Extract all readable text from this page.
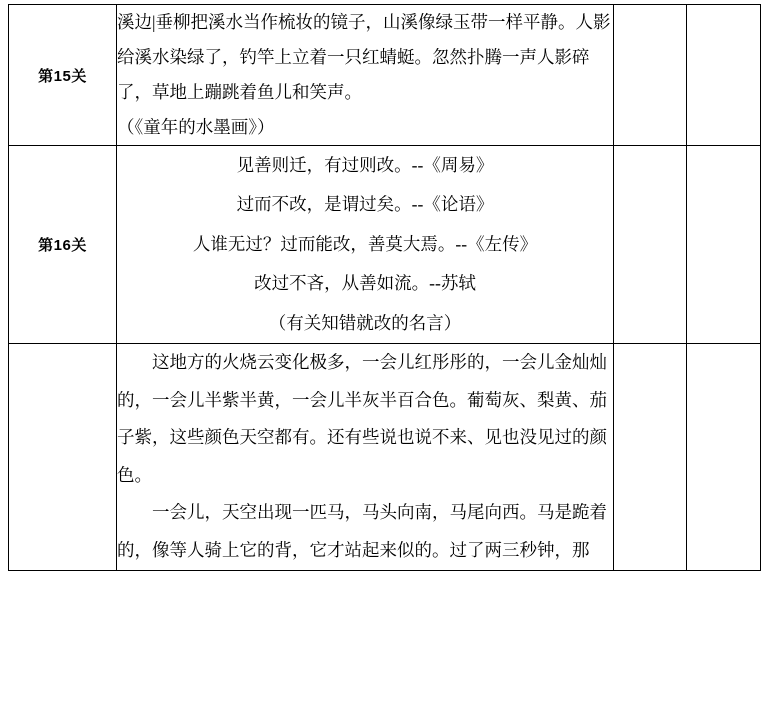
第15关	溪边|垂柳把溪水当作梳妆的镜子，山溪像绿玉带一样平静。人影给溪水染绿了，钓竿上立着一只红蜻蜓。忽然扑腾一声人影碎了，草地上蹦跳着鱼儿和笑声。

（《童年的水墨画》）		

第16关	见善则迁，有过则改。--《周易》

过而不改，是谓过矣。--《论语》

人谁无过？过而能改，善莫大焉。--《左传》

改过不吝，从善如流。--苏轼

（有关知错就改的名言）		

	这地方的火烧云变化极多，一会儿红彤彤的，一会儿金灿灿的，一会儿半紫半黄，一会儿半灰半百合色。葡萄灰、梨黄、茄子紫，这些颜色天空都有。还有些说也说不来、见也没见过的颜色。

一会儿，天空出现一匹马，马头向南，马尾向西。马是跪着的，像等人骑上它的背，它才站起来似的。过了两三秒钟，那		
